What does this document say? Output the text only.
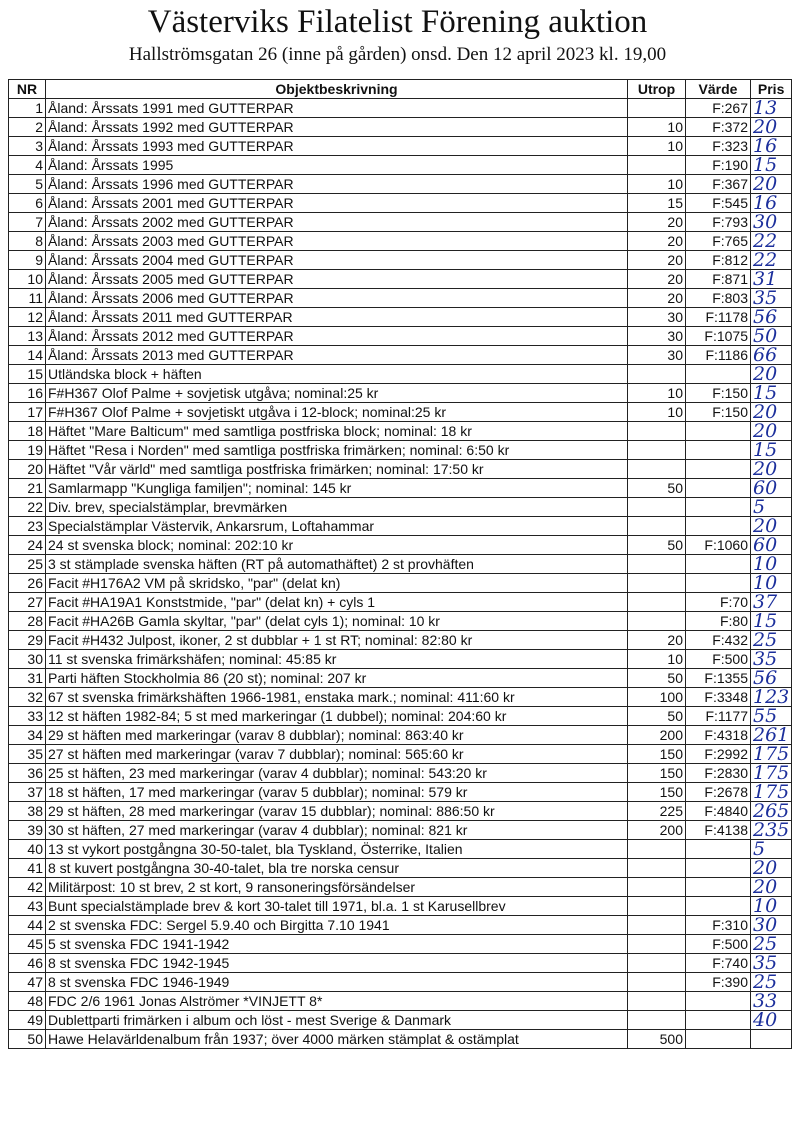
Västerviks Filatelist Förening auktion
Hallströmsgatan 26 (inne på gården) onsd. Den 12 april 2023 kl. 19,00
NR	Objektbeskrivning	Utrop	Värde	Pris
1	Åland: Årssats 1991 med GUTTERPAR		F:267	13
2	Åland: Årssats 1992 med GUTTERPAR	10	F:372	20
3	Åland: Årssats 1993 med GUTTERPAR	10	F:323	16
4	Åland: Årssats 1995		F:190	15
5	Åland: Årssats 1996 med GUTTERPAR	10	F:367	20
6	Åland: Årssats 2001 med GUTTERPAR	15	F:545	16
7	Åland: Årssats 2002 med GUTTERPAR	20	F:793	30
8	Åland: Årssats 2003 med GUTTERPAR	20	F:765	22
9	Åland: Årssats 2004 med GUTTERPAR	20	F:812	22
10	Åland: Årssats 2005 med GUTTERPAR	20	F:871	31
11	Åland: Årssats 2006 med GUTTERPAR	20	F:803	35
12	Åland: Årssats 2011 med GUTTERPAR	30	F:1178	56
13	Åland: Årssats 2012 med GUTTERPAR	30	F:1075	50
14	Åland: Årssats 2013 med GUTTERPAR	30	F:1186	66
15	Utländska block + häften			20
16	F#H367 Olof Palme + sovjetisk utgåva; nominal:25 kr	10	F:150	15
17	F#H367 Olof Palme + sovjetiskt utgåva i 12-block; nominal:25 kr	10	F:150	20
18	Häftet "Mare Balticum" med samtliga postfriska block; nominal: 18 kr			20
19	Häftet "Resa i Norden" med samtliga postfriska frimärken; nominal: 6:50 kr			15
20	Häftet "Vår värld" med samtliga postfriska frimärken; nominal: 17:50 kr			20
21	Samlarmapp "Kungliga familjen"; nominal: 145 kr	50		60
22	Div. brev, specialstämplar, brevmärken			5
23	Specialstämplar Västervik, Ankarsrum, Loftahammar			20
24	24 st svenska block; nominal: 202:10 kr	50	F:1060	60
25	3 st stämplade svenska häften (RT på automathäftet) 2 st provhäften			10
26	Facit #H176A2 VM på skridsko, "par" (delat kn)			10
27	Facit #HA19A1 Konststmide, "par" (delat kn) + cyls 1		F:70	37
28	Facit #HA26B Gamla skyltar, "par" (delat cyls 1); nominal: 10 kr		F:80	15
29	Facit #H432 Julpost, ikoner, 2 st dubblar + 1 st RT; nominal: 82:80 kr	20	F:432	25
30	11 st svenska frimärkshäfen; nominal: 45:85 kr	10	F:500	35
31	Parti häften Stockholmia 86 (20 st); nominal: 207 kr	50	F:1355	56
32	67 st svenska frimärkshäften 1966-1981, enstaka mark.; nominal: 411:60 kr	100	F:3348	123
33	12 st häften 1982-84; 5 st med markeringar (1 dubbel); nominal: 204:60 kr	50	F:1177	55
34	29 st häften med markeringar (varav 8 dubblar); nominal: 863:40 kr	200	F:4318	261
35	27 st häften med markeringar (varav 7 dubblar); nominal: 565:60 kr	150	F:2992	175
36	25 st häften, 23 med markeringar (varav 4 dubblar); nominal: 543:20 kr	150	F:2830	175
37	18 st häften, 17 med markeringar (varav 5 dubblar); nominal: 579 kr	150	F:2678	175
38	29 st häften, 28 med markeringar (varav 15 dubblar); nominal: 886:50 kr	225	F:4840	265
39	30 st häften, 27 med markeringar (varav 4 dubblar); nominal: 821 kr	200	F:4138	235
40	13 st vykort postgångna 30-50-talet, bla Tyskland, Österrike, Italien			5
41	8 st kuvert postgångna 30-40-talet, bla tre norska censur			20
42	Militärpost: 10 st brev, 2 st kort, 9 ransoneringsförsändelser			20
43	Bunt specialstämplade brev & kort 30-talet till 1971, bl.a. 1 st Karusellbrev			10
44	2 st svenska FDC: Sergel 5.9.40 och Birgitta 7.10 1941		F:310	30
45	5 st svenska FDC 1941-1942		F:500	25
46	8 st svenska FDC 1942-1945		F:740	35
47	8 st svenska FDC 1946-1949		F:390	25
48	FDC 2/6 1961 Jonas Alströmer *VINJETT 8*			33
49	Dublettparti frimärken i album och löst - mest Sverige & Danmark			40
50	Hawe Helavärldenalbum från 1937; över 4000 märken stämplat & ostämplat	500		
